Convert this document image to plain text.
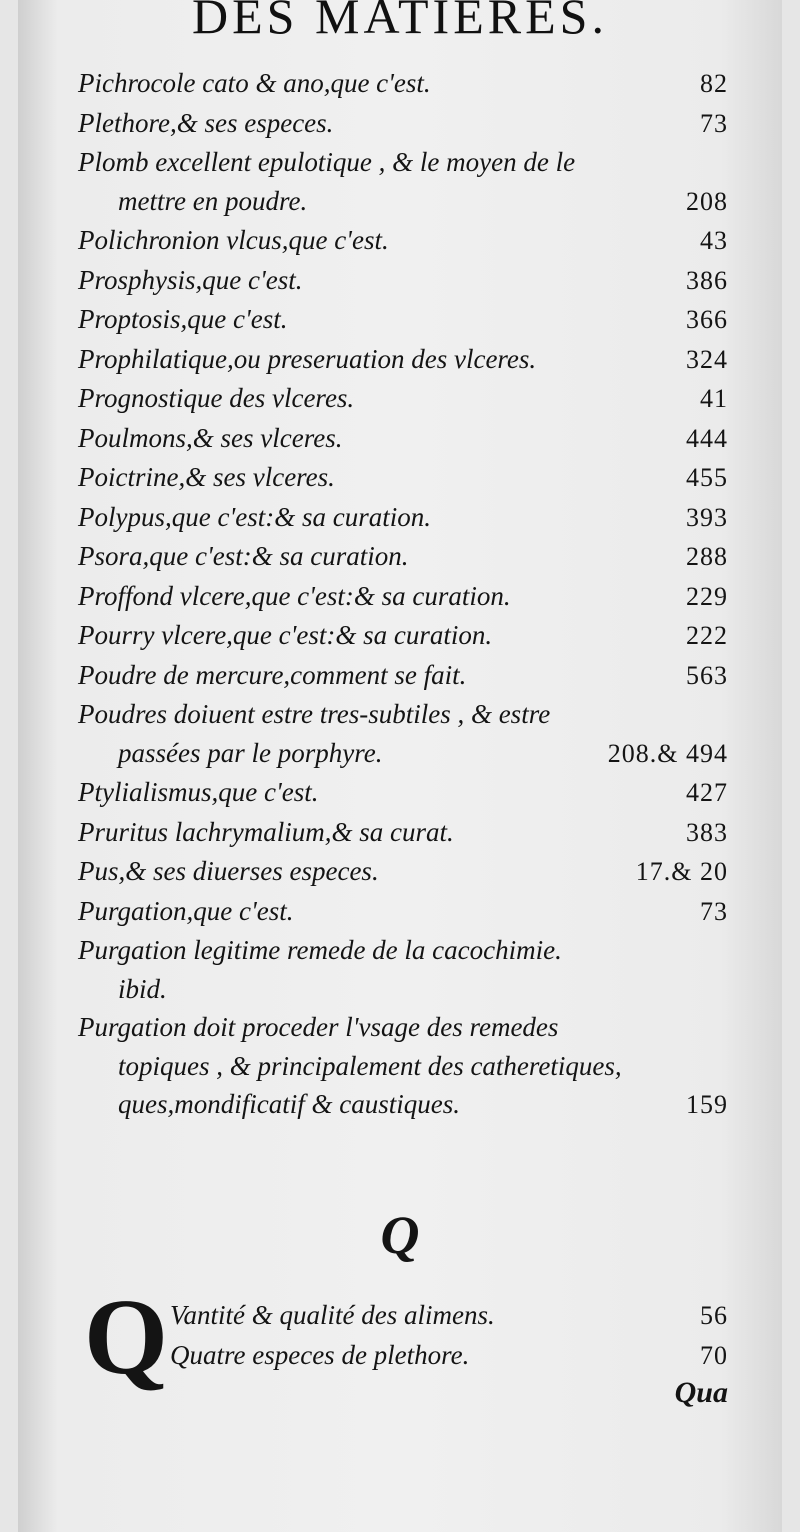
DES MATIERES.
Pichrocole cato & ano,que c'est.	82
Plethore,& ses especes.	73
Plomb excellent epulotique , & le moyen de le
mettre en poudre.	208
Polichronion vlcus,que c'est.	43
Prosphysis,que c'est.	386
Proptosis,que c'est.	366
Prophilatique,ou preseruation des vlceres.	324
Prognostique des vlceres.	41
Poulmons,& ses vlceres.	444
Poictrine,& ses vlceres.	455
Polypus,que c'est:& sa curation.	393
Psora,que c'est:& sa curation.	288
Proffond vlcere,que c'est:& sa curation.	229
Pourry vlcere,que c'est:& sa curation.	222
Poudre de mercure,comment se fait.	563
Poudres doiuent estre tres-subtiles , & estre
passées par le porphyre.	208.& 494
Ptylialismus,que c'est.	427
Pruritus lachrymalium,& sa curat.	383
Pus,& ses diuerses especes.	17.& 20
Purgation,que c'est.	73
Purgation legitime remede de la cacochimie.
ibid.
Purgation doit proceder l'vsage des remedes
topiques , & principalement des catheretiques,
ques,mondificatif & caustiques.	159
Q
Q Vantité & qualité des alimens.	56
Quatre especes de plethore.	70
Qua
